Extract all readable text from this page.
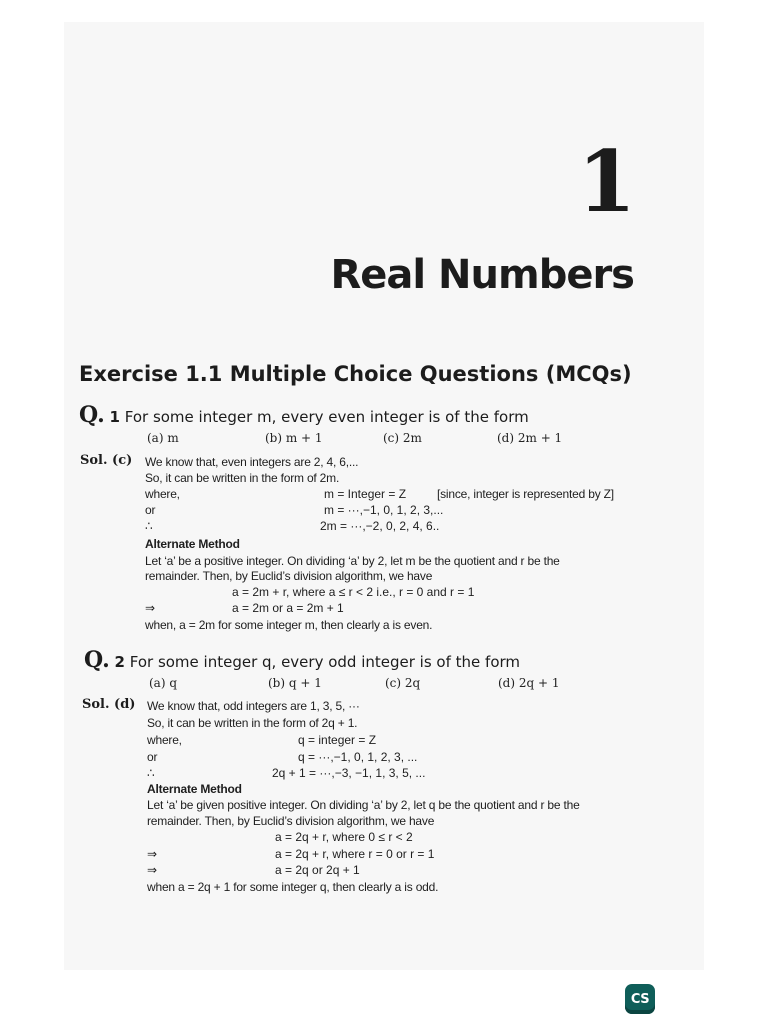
1
Real Numbers
Exercise 1.1 Multiple Choice Questions (MCQs)
Q. 1 For some integer m, every even integer is of the form
(a) m	(b) m + 1	(c) 2m	(d) 2m + 1
Sol. (c) We know that, even integers are 2, 4, 6,...
So, it can be written in the form of 2m.
where,	m = Integer = Z	[since, integer is represented by Z]
or	m = ···,−1, 0, 1, 2, 3,...
∴	2m = ···,−2, 0, 2, 4, 6..
Alternate Method
Let ‘a’ be a positive integer. On dividing ‘a’ by 2, let m be the quotient and r be the
remainder. Then, by Euclid’s division algorithm, we have
a = 2m + r, where a ≤ r < 2 i.e., r = 0 and r = 1
⇒	a = 2m or a = 2m + 1
when, a = 2m for some integer m, then clearly a is even.
Q. 2 For some integer q, every odd integer is of the form
(a) q	(b) q + 1	(c) 2q	(d) 2q + 1
Sol. (d) We know that, odd integers are 1, 3, 5, ···
So, it can be written in the form of 2q + 1.
where,	q = integer = Z
or	q = ···,−1, 0, 1, 2, 3, ...
∴	2q + 1 = ···,−3, −1, 1, 3, 5, ...
Alternate Method
Let ‘a’ be given positive integer. On dividing ‘a’ by 2, let q be the quotient and r be the
remainder. Then, by Euclid’s division algorithm, we have
a = 2q + r, where 0 ≤ r < 2
⇒	a = 2q + r, where r = 0 or r = 1
⇒	a = 2q or 2q + 1
when a = 2q + 1 for some integer q, then clearly a is odd.
CS
